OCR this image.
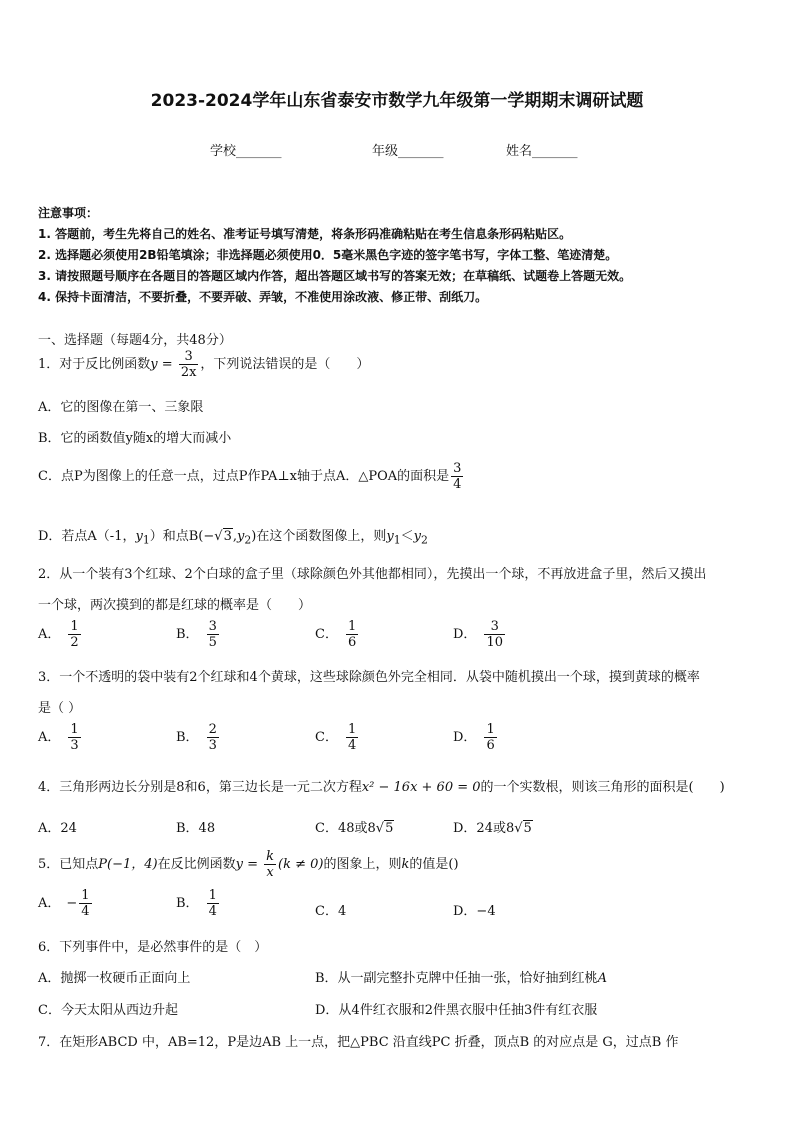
2023-2024学年山东省泰安市数学九年级第一学期期末调研试题
学校_______	年级_______	姓名_______
注意事项：
1. 答题前，考生先将自己的姓名、准考证号填写清楚，将条形码准确粘贴在考生信息条形码粘贴区。
2. 选择题必须使用2B铅笔填涂；非选择题必须使用0．5毫米黑色字迹的签字笔书写，字体工整、笔迹清楚。
3. 请按照题号顺序在各题目的答题区域内作答，超出答题区域书写的答案无效；在草稿纸、试题卷上答题无效。
4. 保持卡面清洁，不要折叠，不要弄破、弄皱，不准使用涂改液、修正带、刮纸刀。
一、选择题（每题4分，共48分）
1．对于反比例函数$y = \frac{3}{2x}$ ，下列说法错误的是（　　）
A．它的图像在第一、三象限
B．它的函数值y随x的增大而减小
C．点P为图像上的任意一点，过点P作PA⊥x轴于点A．△POA的面积是 $\frac{3}{4}$
D．若点A（-1，$y_1$）和点$B(-√3,y_2)$在这个函数图像上，则$y_1<y_2$
2．从一个装有3个红球、2个白球的盒子里（球除颜色外其他都相同），先摸出一个球，不再放进盒子里，然后又摸出
一个球，两次摸到的都是红球的概率是（　　）
A． $\frac{1}{2}$	B． $\frac{3}{5}$	C． $\frac{1}{6}$	D． $\frac{3}{10}$
3．一个不透明的袋中装有2个红球和4个黄球，这些球除颜色外完全相同．从袋中随机摸出一个球，摸到黄球的概率
是（ ）
A． $\frac{1}{3}$	B． $\frac{2}{3}$	C． $\frac{1}{4}$	D． $\frac{1}{6}$
4．三角形两边长分别是8和6，第三边长是一元二次方程x² − 16x + 60 = 0的一个实数根，则该三角形的面积是(　　)
A．24	B．48	C．48或8√5	D．24或8√5
5．已知点P(−1，4)在反比例函数$y = \frac{k}{x} (k \ne 0)$的图象上，则k的值是()
A． − $\frac{1}{4}$	B． $\frac{1}{4}$	C．4	D．−4
6．下列事件中，是必然事件的是（　）
A．抛掷一枚硬币正面向上	B．从一副完整扑克牌中任抽一张，恰好抽到红桃A
C．今天太阳从西边升起	D．从4件红衣服和2件黑衣服中任抽3件有红衣服
7．在矩形ABCD 中，AB=12，P是边AB 上一点，把△PBC 沿直线PC 折叠，顶点B 的对应点是 G，过点B 作
